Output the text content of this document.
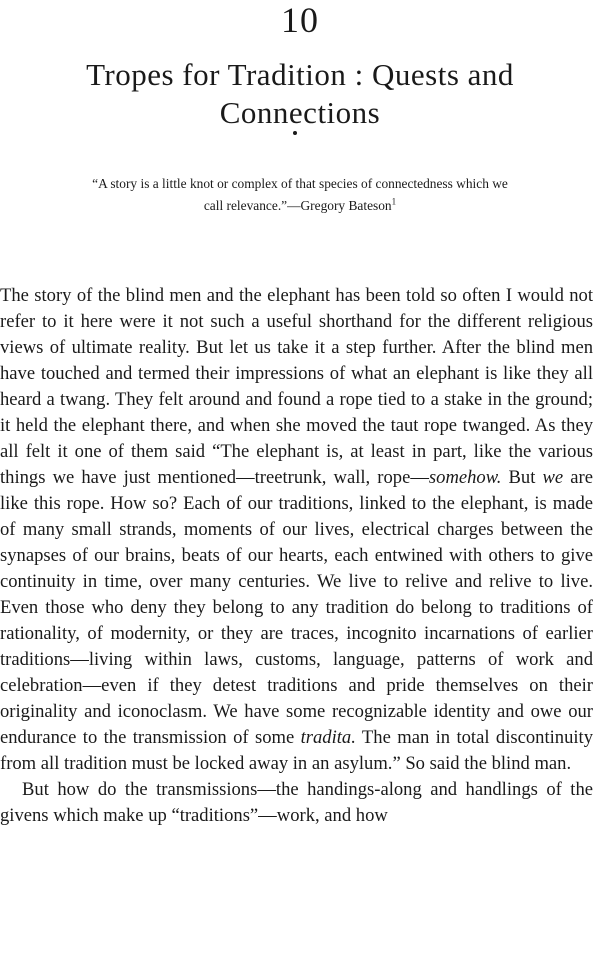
10
Tropes for Tradition : Quests and
Connections
“A story is a little knot or complex of that species of connectedness which we
call relevance.”—Gregory Bateson$^1$

The story of the blind men and the elephant has been told so often I would not refer to it here were it not such a useful shorthand for the different religious views of ultimate reality. But let us take it a step further. After the blind men have touched and termed their impressions of what an elephant is like they all heard a twang. They felt around and found a rope tied to a stake in the ground; it held the elephant there, and when she moved the taut rope twanged. As they all felt it one of them said “The elephant is, at least in part, like the various things we have just mentioned—treetrunk, wall, rope—somehow. But we are like this rope. How so? Each of our traditions, linked to the elephant, is made of many small strands, moments of our lives, electrical charges between the synapses of our brains, beats of our hearts, each entwined with others to give continuity in time, over many centuries. We live to relive and relive to live. Even those who deny they belong to any tradition do belong to traditions of rationality, of modernity, or they are traces, incognito incarnations of earlier traditions—living within laws, customs, language, patterns of work and celebration—even if they detest traditions and pride themselves on their originality and iconoclasm. We have some recognizable identity and owe our endurance to the transmission of some tradita. The man in total discontinuity from all tradition must be locked away in an asylum.” So said the blind man.

But how do the transmissions—the handings-along and handlings of the givens which make up “traditions”—work, and how
